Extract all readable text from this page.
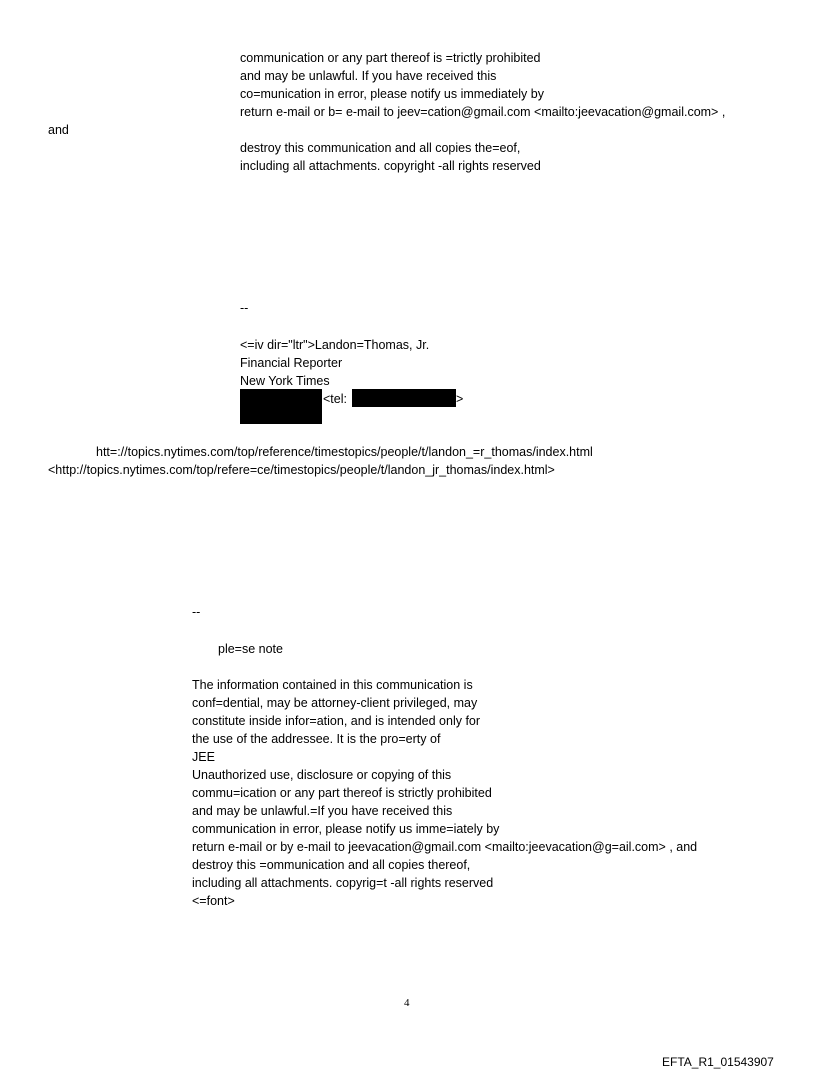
communication or any part thereof is =trictly prohibited

and may be unlawful. If you have received this

co=munication in error, please notify us immediately by

return e-mail or b= e-mail to jeev=cation@gmail.com <mailto:jeevacation@gmail.com> ,

and

destroy this communication and all copies the=eof,

including all attachments. copyright -all rights reserved

--

<=iv dir="ltr">Landon=Thomas, Jr.

Financial Reporter

New York Times

<tel:	>

htt=://topics.nytimes.com/top/reference/timestopics/people/t/landon_=r_thomas/index.html

<http://topics.nytimes.com/top/refere=ce/timestopics/people/t/landon_jr_thomas/index.html>

--

ple=se note

The information contained in this communication is

conf=dential, may be attorney-client privileged, may

constitute inside infor=ation, and is intended only for

the use of the addressee. It is the pro=erty of

JEE

Unauthorized use, disclosure or copying of this

commu=ication or any part thereof is strictly prohibited

and may be unlawful.=If you have received this

communication in error, please notify us imme=iately by

return e-mail or by e-mail to jeevacation@gmail.com <mailto:jeevacation@g=ail.com> , and

destroy this =ommunication and all copies thereof,

including all attachments. copyrig=t -all rights reserved

<=font>

4
EFTA_R1_01543907
